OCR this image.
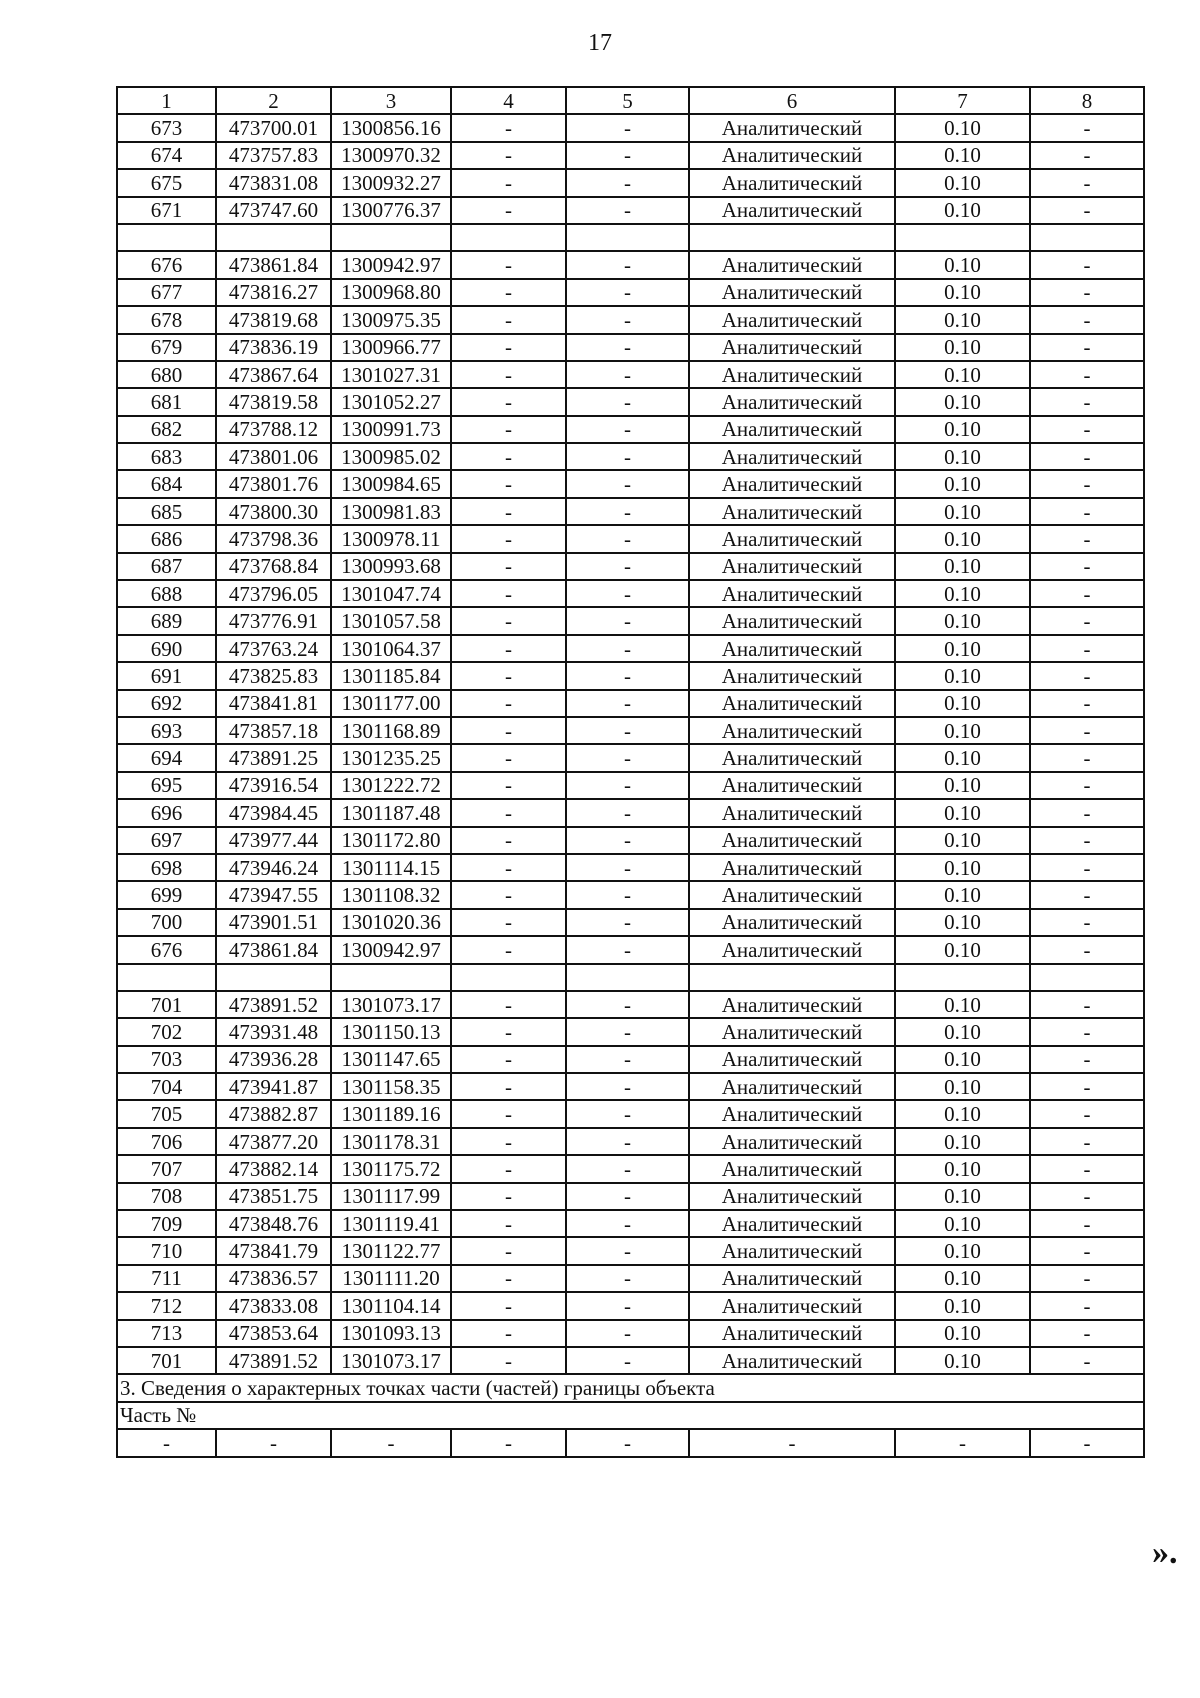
17
1	2	3	4	5	6	7	8
673	473700.01	1300856.16	-	-	Аналитический	0.10	-
674	473757.83	1300970.32	-	-	Аналитический	0.10	-
675	473831.08	1300932.27	-	-	Аналитический	0.10	-
671	473747.60	1300776.37	-	-	Аналитический	0.10	-

676	473861.84	1300942.97	-	-	Аналитический	0.10	-
677	473816.27	1300968.80	-	-	Аналитический	0.10	-
678	473819.68	1300975.35	-	-	Аналитический	0.10	-
679	473836.19	1300966.77	-	-	Аналитический	0.10	-
680	473867.64	1301027.31	-	-	Аналитический	0.10	-
681	473819.58	1301052.27	-	-	Аналитический	0.10	-
682	473788.12	1300991.73	-	-	Аналитический	0.10	-
683	473801.06	1300985.02	-	-	Аналитический	0.10	-
684	473801.76	1300984.65	-	-	Аналитический	0.10	-
685	473800.30	1300981.83	-	-	Аналитический	0.10	-
686	473798.36	1300978.11	-	-	Аналитический	0.10	-
687	473768.84	1300993.68	-	-	Аналитический	0.10	-
688	473796.05	1301047.74	-	-	Аналитический	0.10	-
689	473776.91	1301057.58	-	-	Аналитический	0.10	-
690	473763.24	1301064.37	-	-	Аналитический	0.10	-
691	473825.83	1301185.84	-	-	Аналитический	0.10	-
692	473841.81	1301177.00	-	-	Аналитический	0.10	-
693	473857.18	1301168.89	-	-	Аналитический	0.10	-
694	473891.25	1301235.25	-	-	Аналитический	0.10	-
695	473916.54	1301222.72	-	-	Аналитический	0.10	-
696	473984.45	1301187.48	-	-	Аналитический	0.10	-
697	473977.44	1301172.80	-	-	Аналитический	0.10	-
698	473946.24	1301114.15	-	-	Аналитический	0.10	-
699	473947.55	1301108.32	-	-	Аналитический	0.10	-
700	473901.51	1301020.36	-	-	Аналитический	0.10	-
676	473861.84	1300942.97	-	-	Аналитический	0.10	-

701	473891.52	1301073.17	-	-	Аналитический	0.10	-
702	473931.48	1301150.13	-	-	Аналитический	0.10	-
703	473936.28	1301147.65	-	-	Аналитический	0.10	-
704	473941.87	1301158.35	-	-	Аналитический	0.10	-
705	473882.87	1301189.16	-	-	Аналитический	0.10	-
706	473877.20	1301178.31	-	-	Аналитический	0.10	-
707	473882.14	1301175.72	-	-	Аналитический	0.10	-
708	473851.75	1301117.99	-	-	Аналитический	0.10	-
709	473848.76	1301119.41	-	-	Аналитический	0.10	-
710	473841.79	1301122.77	-	-	Аналитический	0.10	-
711	473836.57	1301111.20	-	-	Аналитический	0.10	-
712	473833.08	1301104.14	-	-	Аналитический	0.10	-
713	473853.64	1301093.13	-	-	Аналитический	0.10	-
701	473891.52	1301073.17	-	-	Аналитический	0.10	-
3. Сведения о характерных точках части (частей) границы объекта							
Часть №							
-	-	-	-	-	-	-	-
».
